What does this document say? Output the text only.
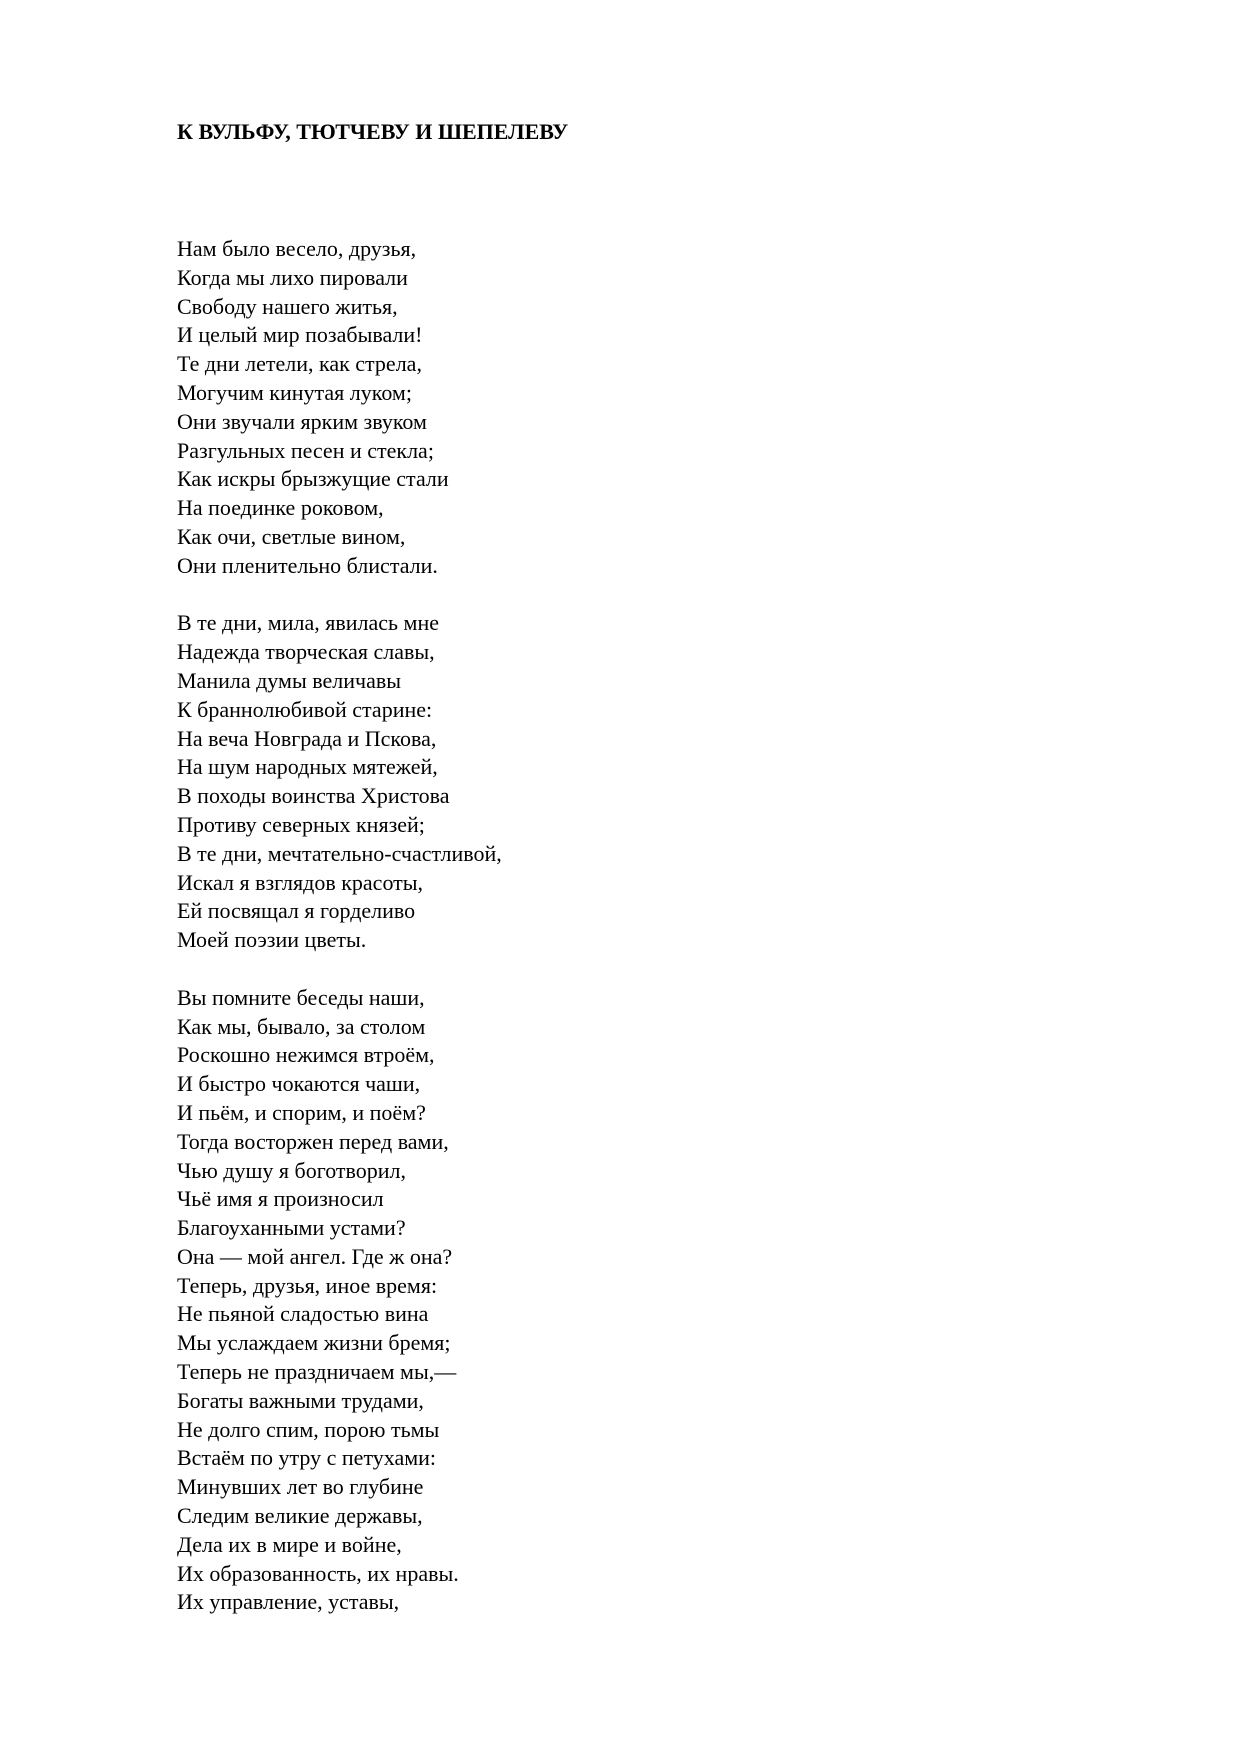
К ВУЛЬФУ, ТЮТЧЕВУ И ШЕПЕЛЕВУ
Нам было весело, друзья,
Когда мы лихо пировали
Свободу нашего житья,
И целый мир позабывали!
Те дни летели, как стрела,
Могучим кинутая луком;
Они звучали ярким звуком
Разгульных песен и стекла;
Как искры брызжущие стали
На поединке роковом,
Как очи, светлые вином,
Они пленительно блистали.
В те дни, мила, явилась мне
Надежда творческая славы,
Манила думы величавы
К браннолюбивой старине:
На веча Новграда и Пскова,
На шум народных мятежей,
В походы воинства Христова
Противу северных князей;
В те дни, мечтательно-счастливой,
Искал я взглядов красоты,
Ей посвящал я горделиво
Моей поэзии цветы.
Вы помните беседы наши,
Как мы, бывало, за столом
Роскошно нежимся втроём,
И быстро чокаются чаши,
И пьём, и спорим, и поём?
Тогда восторжен перед вами,
Чью душу я боготворил,
Чьё имя я произносил
Благоуханными устами?
Она — мой ангел. Где ж она?
Теперь, друзья, иное время:
Не пьяной сладостью вина
Мы услаждаем жизни бремя;
Теперь не праздничаем мы,—
Богаты важными трудами,
Не долго спим, порою тьмы
Встаём по утру с петухами:
Минувших лет во глубине
Следим великие державы,
Дела их в мире и войне,
Их образованность, их нравы.
Их управление, уставы,
